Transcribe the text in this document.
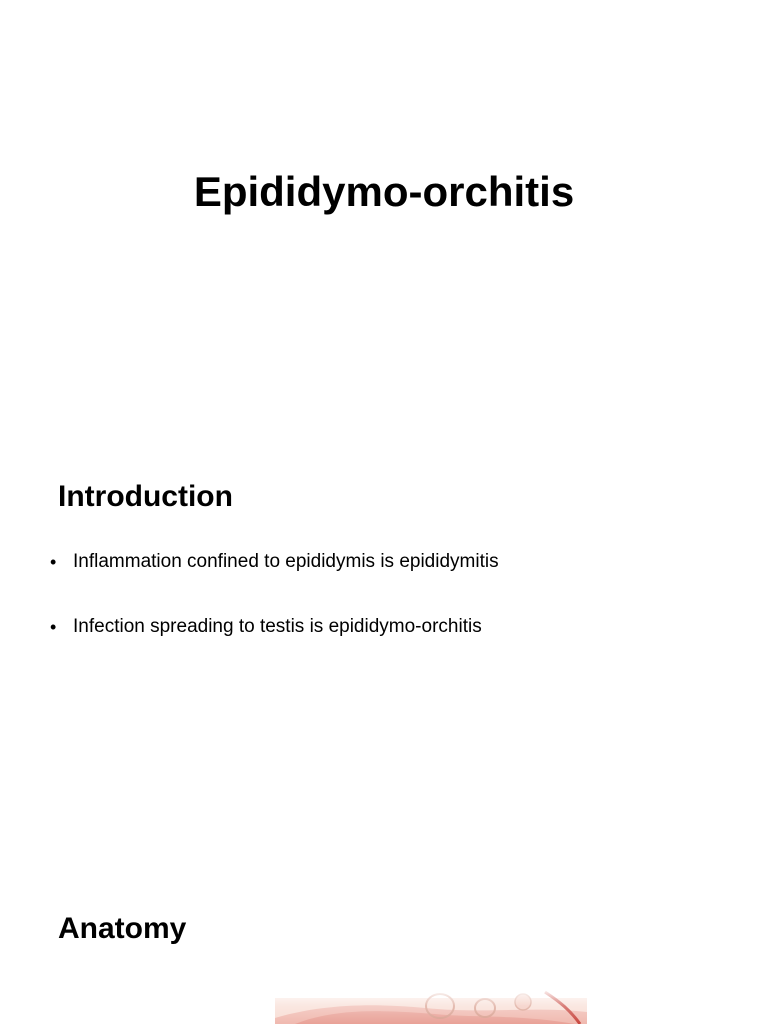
Epididymo-orchitis
Introduction
• Inflammation confined to epididymis is epididymitis
• Infection spreading to testis is epididymo-orchitis
Anatomy
